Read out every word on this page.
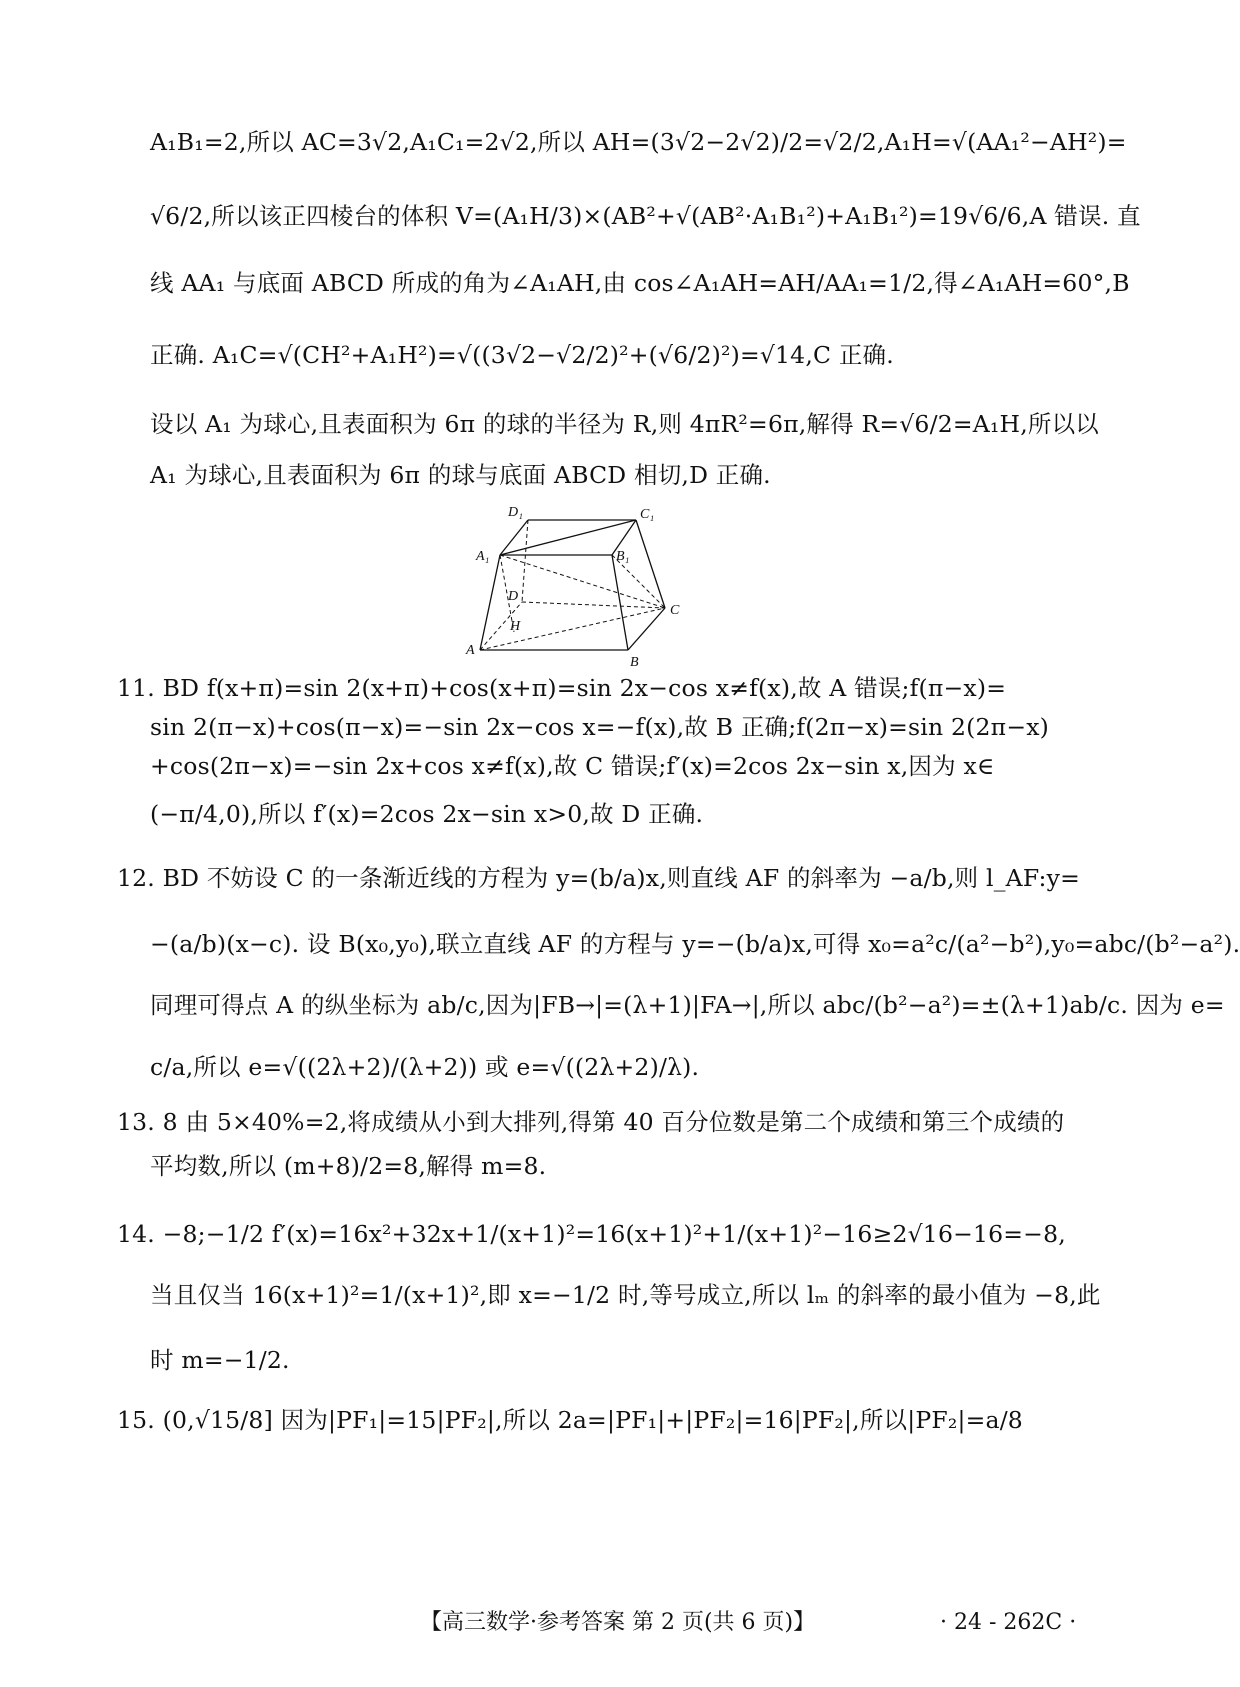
A₁B₁=2,所以 AC=3√2,A₁C₁=2√2,所以 AH=(3√2−2√2)/2=√2/2,A₁H=√(AA₁²−AH²)=
√6/2,所以该正四棱台的体积 V=(A₁H/3)×(AB²+√(AB²·A₁B₁²)+A₁B₁²)=19√6/6,A 错误. 直
线 AA₁ 与底面 ABCD 所成的角为∠A₁AH,由 cos∠A₁AH=AH/AA₁=1/2,得∠A₁AH=60°,B
正确. A₁C=√(CH²+A₁H²)=√((3√2−√2/2)²+(√6/2)²)=√14,C 正确.
设以 A₁ 为球心,且表面积为 6π 的球的半径为 R,则 4πR²=6π,解得 R=√6/2=A₁H,所以以
A₁ 为球心,且表面积为 6π 的球与底面 ABCD 相切,D 正确.
D₁	C₁
A₁	B₁
D
C
H
A
B
11. BD f(x+π)=sin 2(x+π)+cos(x+π)=sin 2x−cos x≠f(x),故 A 错误;f(π−x)=
sin 2(π−x)+cos(π−x)=−sin 2x−cos x=−f(x),故 B 正确;f(2π−x)=sin 2(2π−x)
+cos(2π−x)=−sin 2x+cos x≠f(x),故 C 错误;f′(x)=2cos 2x−sin x,因为 x∈
(−π/4,0),所以 f′(x)=2cos 2x−sin x>0,故 D 正确.
12. BD 不妨设 C 的一条渐近线的方程为 y=(b/a)x,则直线 AF 的斜率为 −a/b,则 l_AF:y=
−(a/b)(x−c). 设 B(x₀,y₀),联立直线 AF 的方程与 y=−(b/a)x,可得 x₀=a²c/(a²−b²),y₀=abc/(b²−a²).
同理可得点 A 的纵坐标为 ab/c,因为|FB→|=(λ+1)|FA→|,所以 abc/(b²−a²)=±(λ+1)ab/c. 因为 e=
c/a,所以 e=√((2λ+2)/(λ+2)) 或 e=√((2λ+2)/λ).
13. 8 由 5×40%=2,将成绩从小到大排列,得第 40 百分位数是第二个成绩和第三个成绩的
平均数,所以 (m+8)/2=8,解得 m=8.
14. −8;−1/2 f′(x)=16x²+32x+1/(x+1)²=16(x+1)²+1/(x+1)²−16≥2√16−16=−8,
当且仅当 16(x+1)²=1/(x+1)²,即 x=−1/2 时,等号成立,所以 lₘ 的斜率的最小值为 −8,此
时 m=−1/2.
15. (0,√15/8] 因为|PF₁|=15|PF₂|,所以 2a=|PF₁|+|PF₂|=16|PF₂|,所以|PF₂|=a/8
【高三数学·参考答案 第 2 页(共 6 页)】	· 24 - 262C ·
